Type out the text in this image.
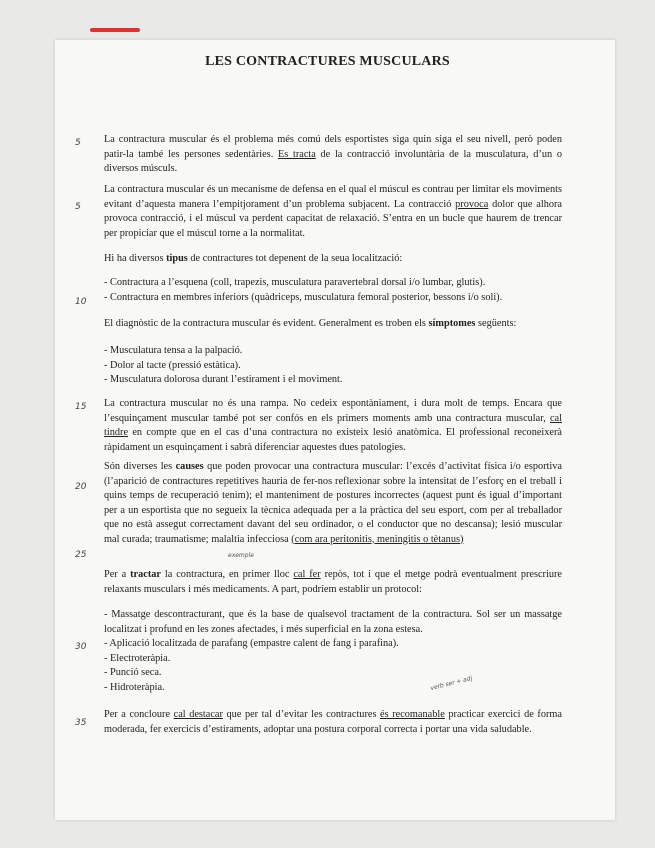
LES CONTRACTURES MUSCULARS
5
5
10
15
20
25
30
35
La contractura muscular és el problema més comú dels esportistes siga quin siga el seu nivell, però poden patir-la també les persones sedentàries. Es tracta de la contracció involuntària de la musculatura, d’un o diversos músculs.
La contractura muscular és un mecanisme de defensa en el qual el múscul es contrau per limitar els moviments evitant d’aquesta manera l’empitjorament d’un problema subjacent. La contracció provoca dolor que alhora provoca contracció, i el múscul va perdent capacitat de relaxació. S’entra en un bucle que haurem de trencar per propiciar que el múscul torne a la normalitat.
Hi ha diversos tipus de contractures tot depenent de la seua localització:
- Contractura a l’esquena (coll, trapezis, musculatura paravertebral dorsal i/o lumbar, glutis).
- Contractura en membres inferiors (quàdriceps, musculatura femoral posterior, bessons i/o soli).
El diagnòstic de la contractura muscular és evident. Generalment es troben els símptomes següents:
- Musculatura tensa a la palpació.
- Dolor al tacte (pressió estàtica).
- Musculatura dolorosa durant l’estirament i el moviment.
La contractura muscular no és una rampa. No cedeix espontàniament, i dura molt de temps. Encara que l’esquinçament muscular també pot ser confós en els primers moments amb una contractura muscular, cal tindre en compte que en el cas d’una contractura no existeix lesió anatòmica. El professional reconeixerà ràpidament un esquinçament i sabrà diferenciar aquestes dues patologies.
Són diverses les causes que poden provocar una contractura muscular: l’excés d’activitat física i/o esportiva (l’aparició de contractures repetitives hauria de fer-nos reflexionar sobre la intensitat de l’esforç en el treball i quins temps de recuperació tenim); el manteniment de postures incorrectes (aquest punt és igual d’important per a un esportista que no segueix la tècnica adequada per a la pràctica del seu esport, com per al treballador que no està assegut correctament davant del seu ordinador, o el conductor que no descansa); lesió muscular mal curada; traumatisme; malaltia infecciosa (com ara peritonitis, meningitis o tètanus)
exemple
Per a tractar la contractura, en primer lloc cal fer repòs, tot i que el metge podrà eventualment prescriure relaxants musculars i més medicaments. A part, podríem establir un protocol:
- Massatge descontracturant, que és la base de qualsevol tractament de la contractura. Sol ser un massatge localitzat i profund en les zones afectades, i més superficial en la zona estesa.
- Aplicació localitzada de parafang (empastre calent de fang i parafina).
- Electroteràpia.
- Punció seca.
- Hidroteràpia.	verb ser + adj
Per a concloure cal destacar que per tal d’evitar les contractures és recomanable practicar exercici de forma moderada, fer exercicis d’estiraments, adoptar una postura corporal correcta i portar una vida saludable.
